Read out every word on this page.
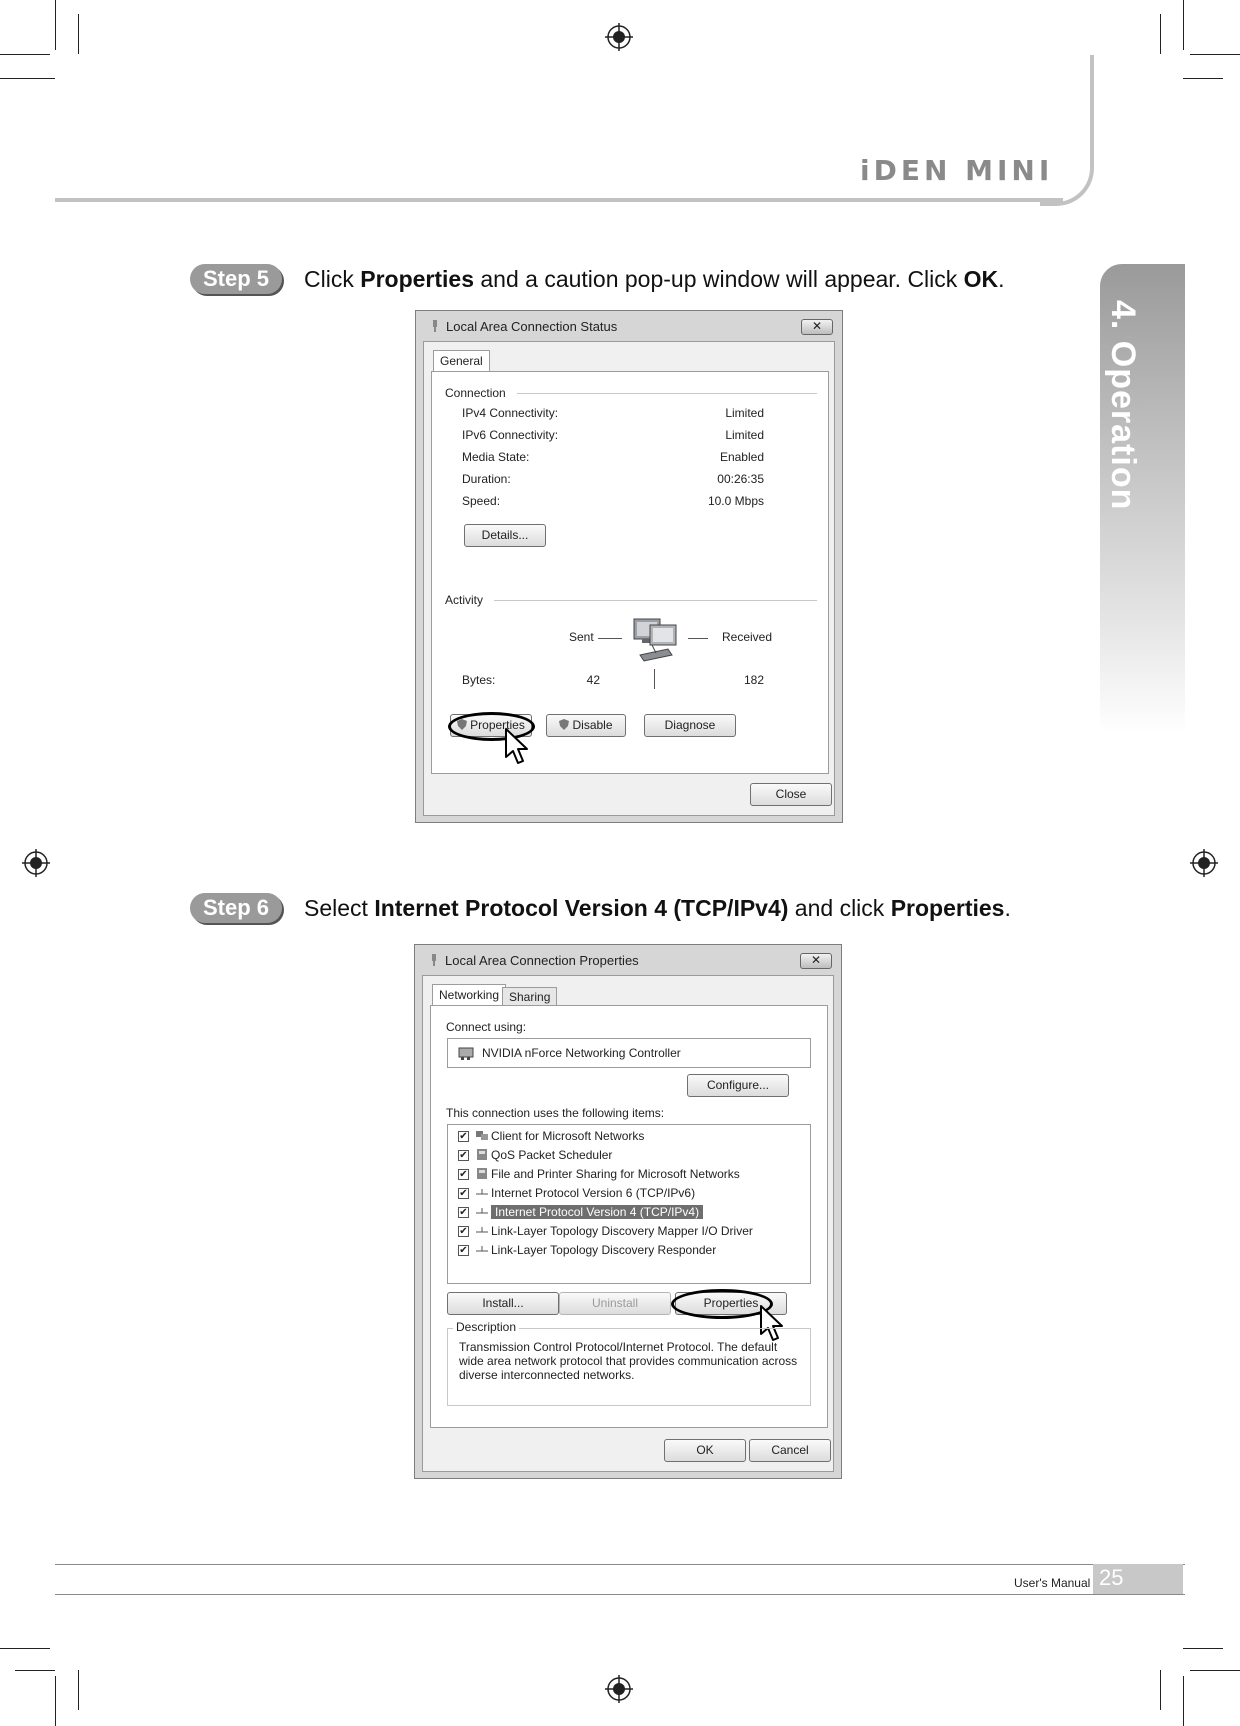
iDEN MINI
4. Operation
Step 5	Click Properties and a caution pop-up window will appear. Click OK.
Local Area Connection Status	✕
General
Connection
IPv4 Connectivity:	Limited
IPv6 Connectivity:	Limited
Media State:	Enabled
Duration:	00:26:35
Speed:	10.0 Mbps
Details...
Activity
Sent	Received
Bytes:	42	182
Properties	Disable	Diagnose
Close
Step 6	Select Internet Protocol Version 4 (TCP/IPv4) and click Properties.
Local Area Connection Properties	✕
Networking Sharing
Connect using:
NVIDIA nForce Networking Controller
Configure...
This connection uses the following items:
✔	Client for Microsoft Networks
✔	QoS Packet Scheduler
✔	File and Printer Sharing for Microsoft Networks
✔	Internet Protocol Version 6 (TCP/IPv6)
✔	Internet Protocol Version 4 (TCP/IPv4)
✔	Link-Layer Topology Discovery Mapper I/O Driver
✔	Link-Layer Topology Discovery Responder
Install...	Uninstall	Properties
Description
Transmission Control Protocol/Internet Protocol. The default wide area network protocol that provides communication across diverse interconnected networks.
OK	Cancel
User's Manual 25
